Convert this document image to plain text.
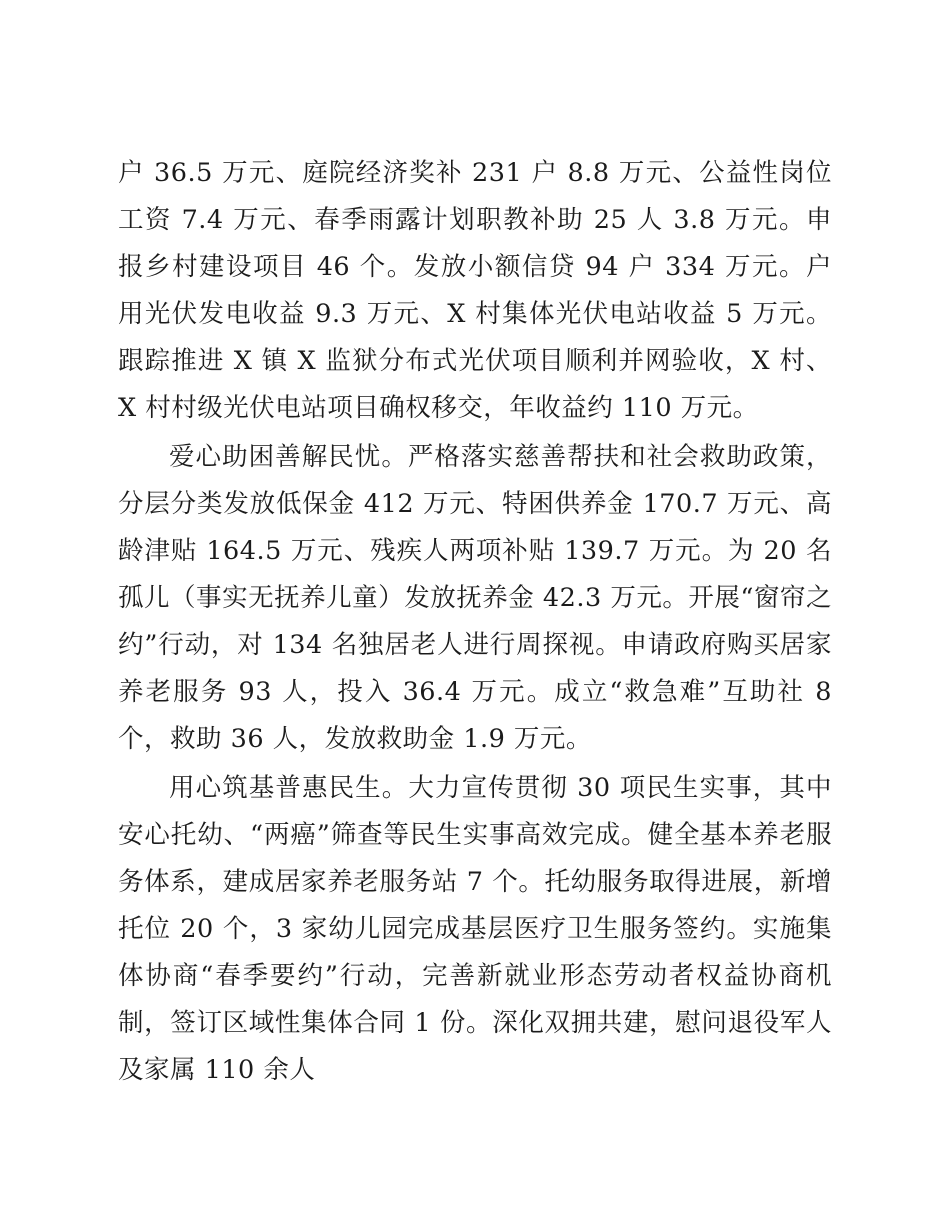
户 36.5 万元、庭院经济奖补 231 户 8.8 万元、公益性岗位工资 7.4 万元、春季雨露计划职教补助 25 人 3.8 万元。申报乡村建设项目 46 个。发放小额信贷 94 户 334 万元。户用光伏发电收益 9.3 万元、X 村集体光伏电站收益 5 万元。跟踪推进 X 镇 X 监狱分布式光伏项目顺利并网验收，X 村、X 村村级光伏电站项目确权移交，年收益约 110 万元。

爱心助困善解民忧。严格落实慈善帮扶和社会救助政策，分层分类发放低保金 412 万元、特困供养金 170.7 万元、高龄津贴 164.5 万元、残疾人两项补贴 139.7 万元。为 20 名孤儿（事实无抚养儿童）发放抚养金 42.3 万元。开展“窗帘之约”行动，对 134 名独居老人进行周探视。申请政府购买居家养老服务 93 人，投入 36.4 万元。成立“救急难”互助社 8 个，救助 36 人，发放救助金 1.9 万元。

用心筑基普惠民生。大力宣传贯彻 30 项民生实事，其中安心托幼、“两癌”筛查等民生实事高效完成。健全基本养老服务体系，建成居家养老服务站 7 个。托幼服务取得进展，新增托位 20 个，3 家幼儿园完成基层医疗卫生服务签约。实施集体协商“春季要约”行动，完善新就业形态劳动者权益协商机制，签订区域性集体合同 1 份。深化双拥共建，慰问退役军人及家属 110 余人
